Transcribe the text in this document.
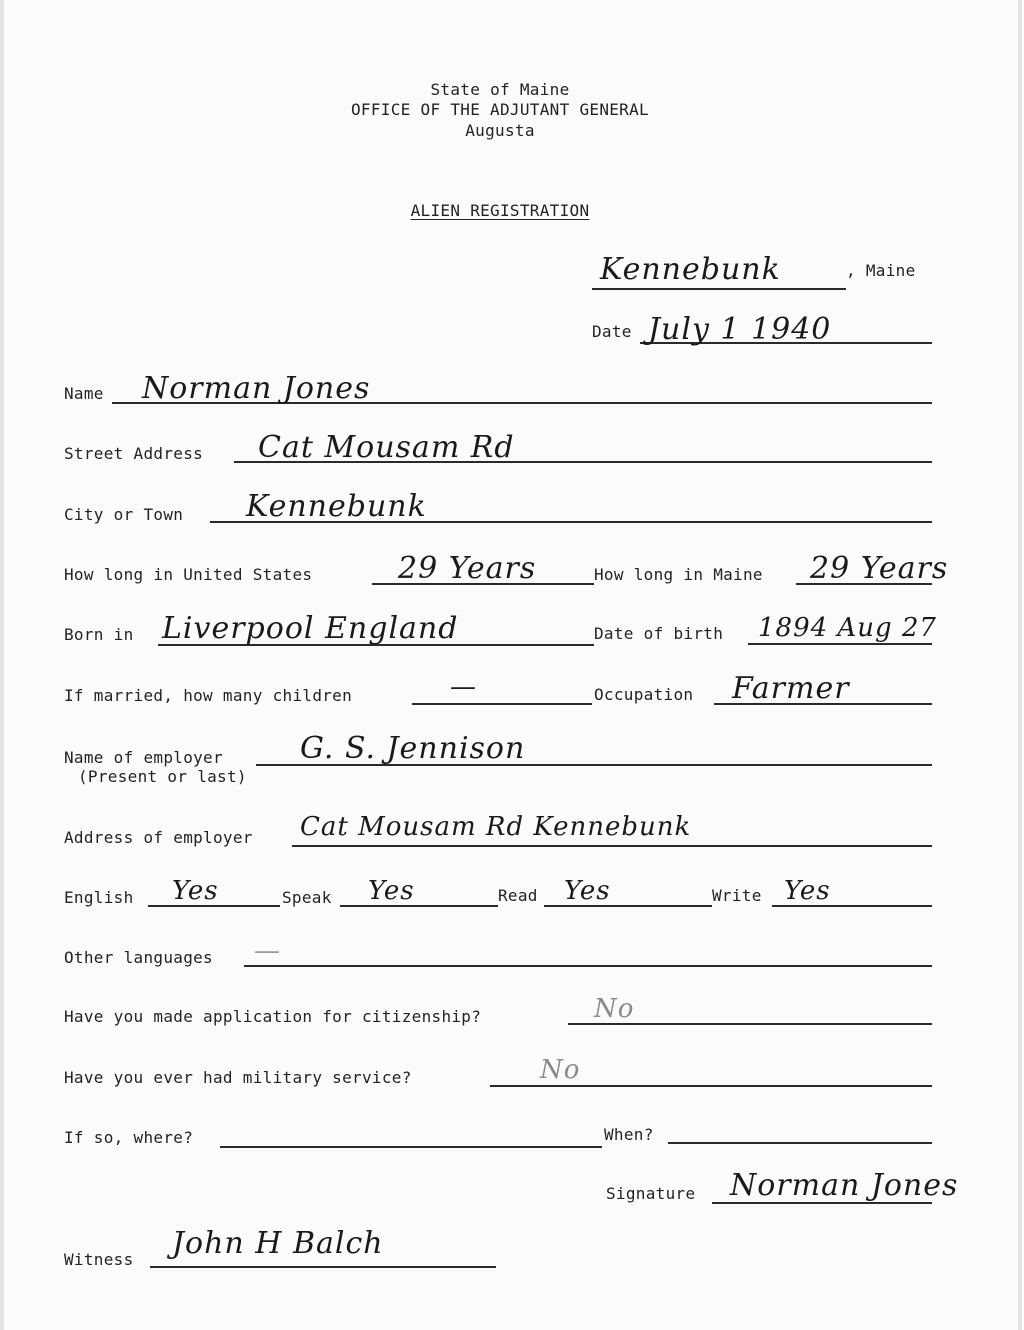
State of Maine
OFFICE OF THE ADJUTANT GENERAL
Augusta
ALIEN REGISTRATION
Kennebunk	, Maine
Date July 1 1940
Name Norman Jones
Street Address Cat Mousam Rd
City or Town Kennebunk
How long in United States	29 Years	How long in Maine 29 Years
Born in Liverpool England	Date of birth 1894 Aug 27
If married, how many children	—	Occupation Farmer
Name of employer
(Present or last)
G. S. Jennison
Address of employer Cat Mousam Rd Kennebunk
English Yes	Speak Yes	Read Yes	Write Yes
Other languages —
Have you made application for citizenship?	No
Have you ever had military service?	No
If so, where?	When?
Signature Norman Jones
Witness John H Balch
